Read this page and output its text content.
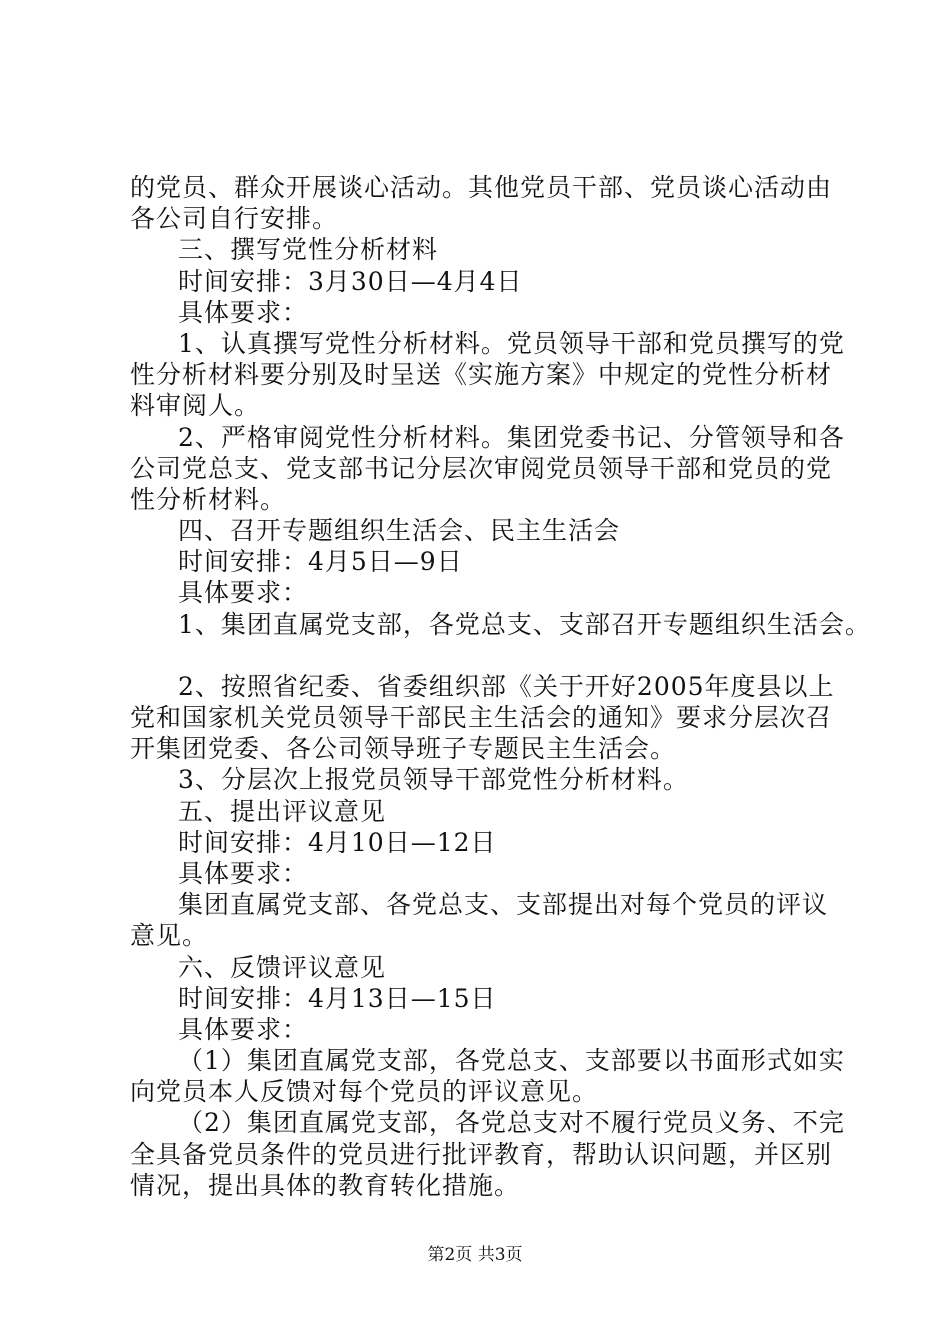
的党员、群众开展谈心活动。其他党员干部、党员谈心活动由
各公司自行安排。
三、撰写党性分析材料
时间安排：3月30日—4月4日
具体要求：
1、认真撰写党性分析材料。党员领导干部和党员撰写的党
性分析材料要分别及时呈送《实施方案》中规定的党性分析材
料审阅人。
2、严格审阅党性分析材料。集团党委书记、分管领导和各
公司党总支、党支部书记分层次审阅党员领导干部和党员的党
性分析材料。
四、召开专题组织生活会、民主生活会
时间安排：4月5日—9日
具体要求：
1、集团直属党支部，各党总支、支部召开专题组织生活会。
2、按照省纪委、省委组织部《关于开好2005年度县以上
党和国家机关党员领导干部民主生活会的通知》要求分层次召
开集团党委、各公司领导班子专题民主生活会。
3、分层次上报党员领导干部党性分析材料。
五、提出评议意见
时间安排：4月10日—12日
具体要求：
集团直属党支部、各党总支、支部提出对每个党员的评议
意见。
六、反馈评议意见
时间安排：4月13日—15日
具体要求：
（1）集团直属党支部，各党总支、支部要以书面形式如实
向党员本人反馈对每个党员的评议意见。
（2）集团直属党支部，各党总支对不履行党员义务、不完
全具备党员条件的党员进行批评教育，帮助认识问题，并区别
情况，提出具体的教育转化措施。
第2页 共3页
